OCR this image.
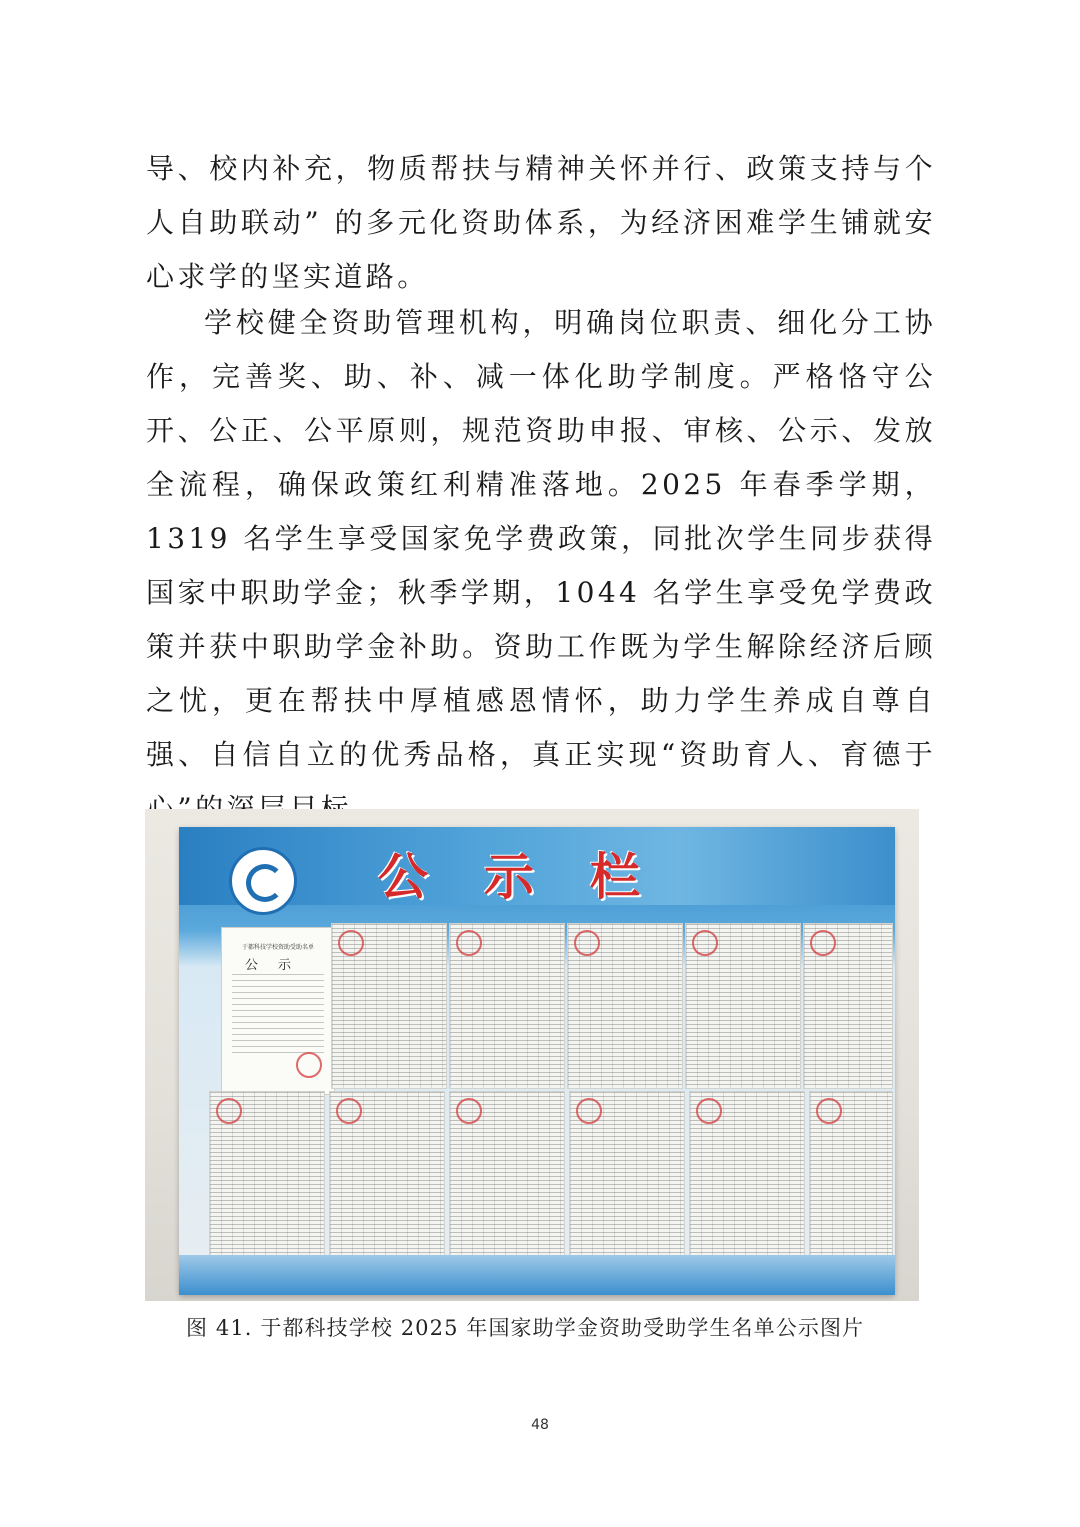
导、校内补充，物质帮扶与精神关怀并行、政策支持与个人自助联动” 的多元化资助体系，为经济困难学生铺就安心求学的坚实道路。

学校健全资助管理机构，明确岗位职责、细化分工协作，完善奖、助、补、减一体化助学制度。严格恪守公开、公正、公平原则，规范资助申报、审核、公示、发放全流程，确保政策红利精准落地。2025 年春季学期，1319 名学生享受国家免学费政策，同批次学生同步获得国家中职助学金；秋季学期，1044 名学生享受免学费政策并获中职助学金补助。资助工作既为学生解除经济后顾之忧，更在帮扶中厚植感恩情怀，助力学生养成自尊自强、自信自立的优秀品格，真正实现“资助育人、育德于

公示栏
于都科技学校资助受助名单
公示
图 41. 于都科技学校 2025 年国家助学金资助受助学生名单公示图片
48
